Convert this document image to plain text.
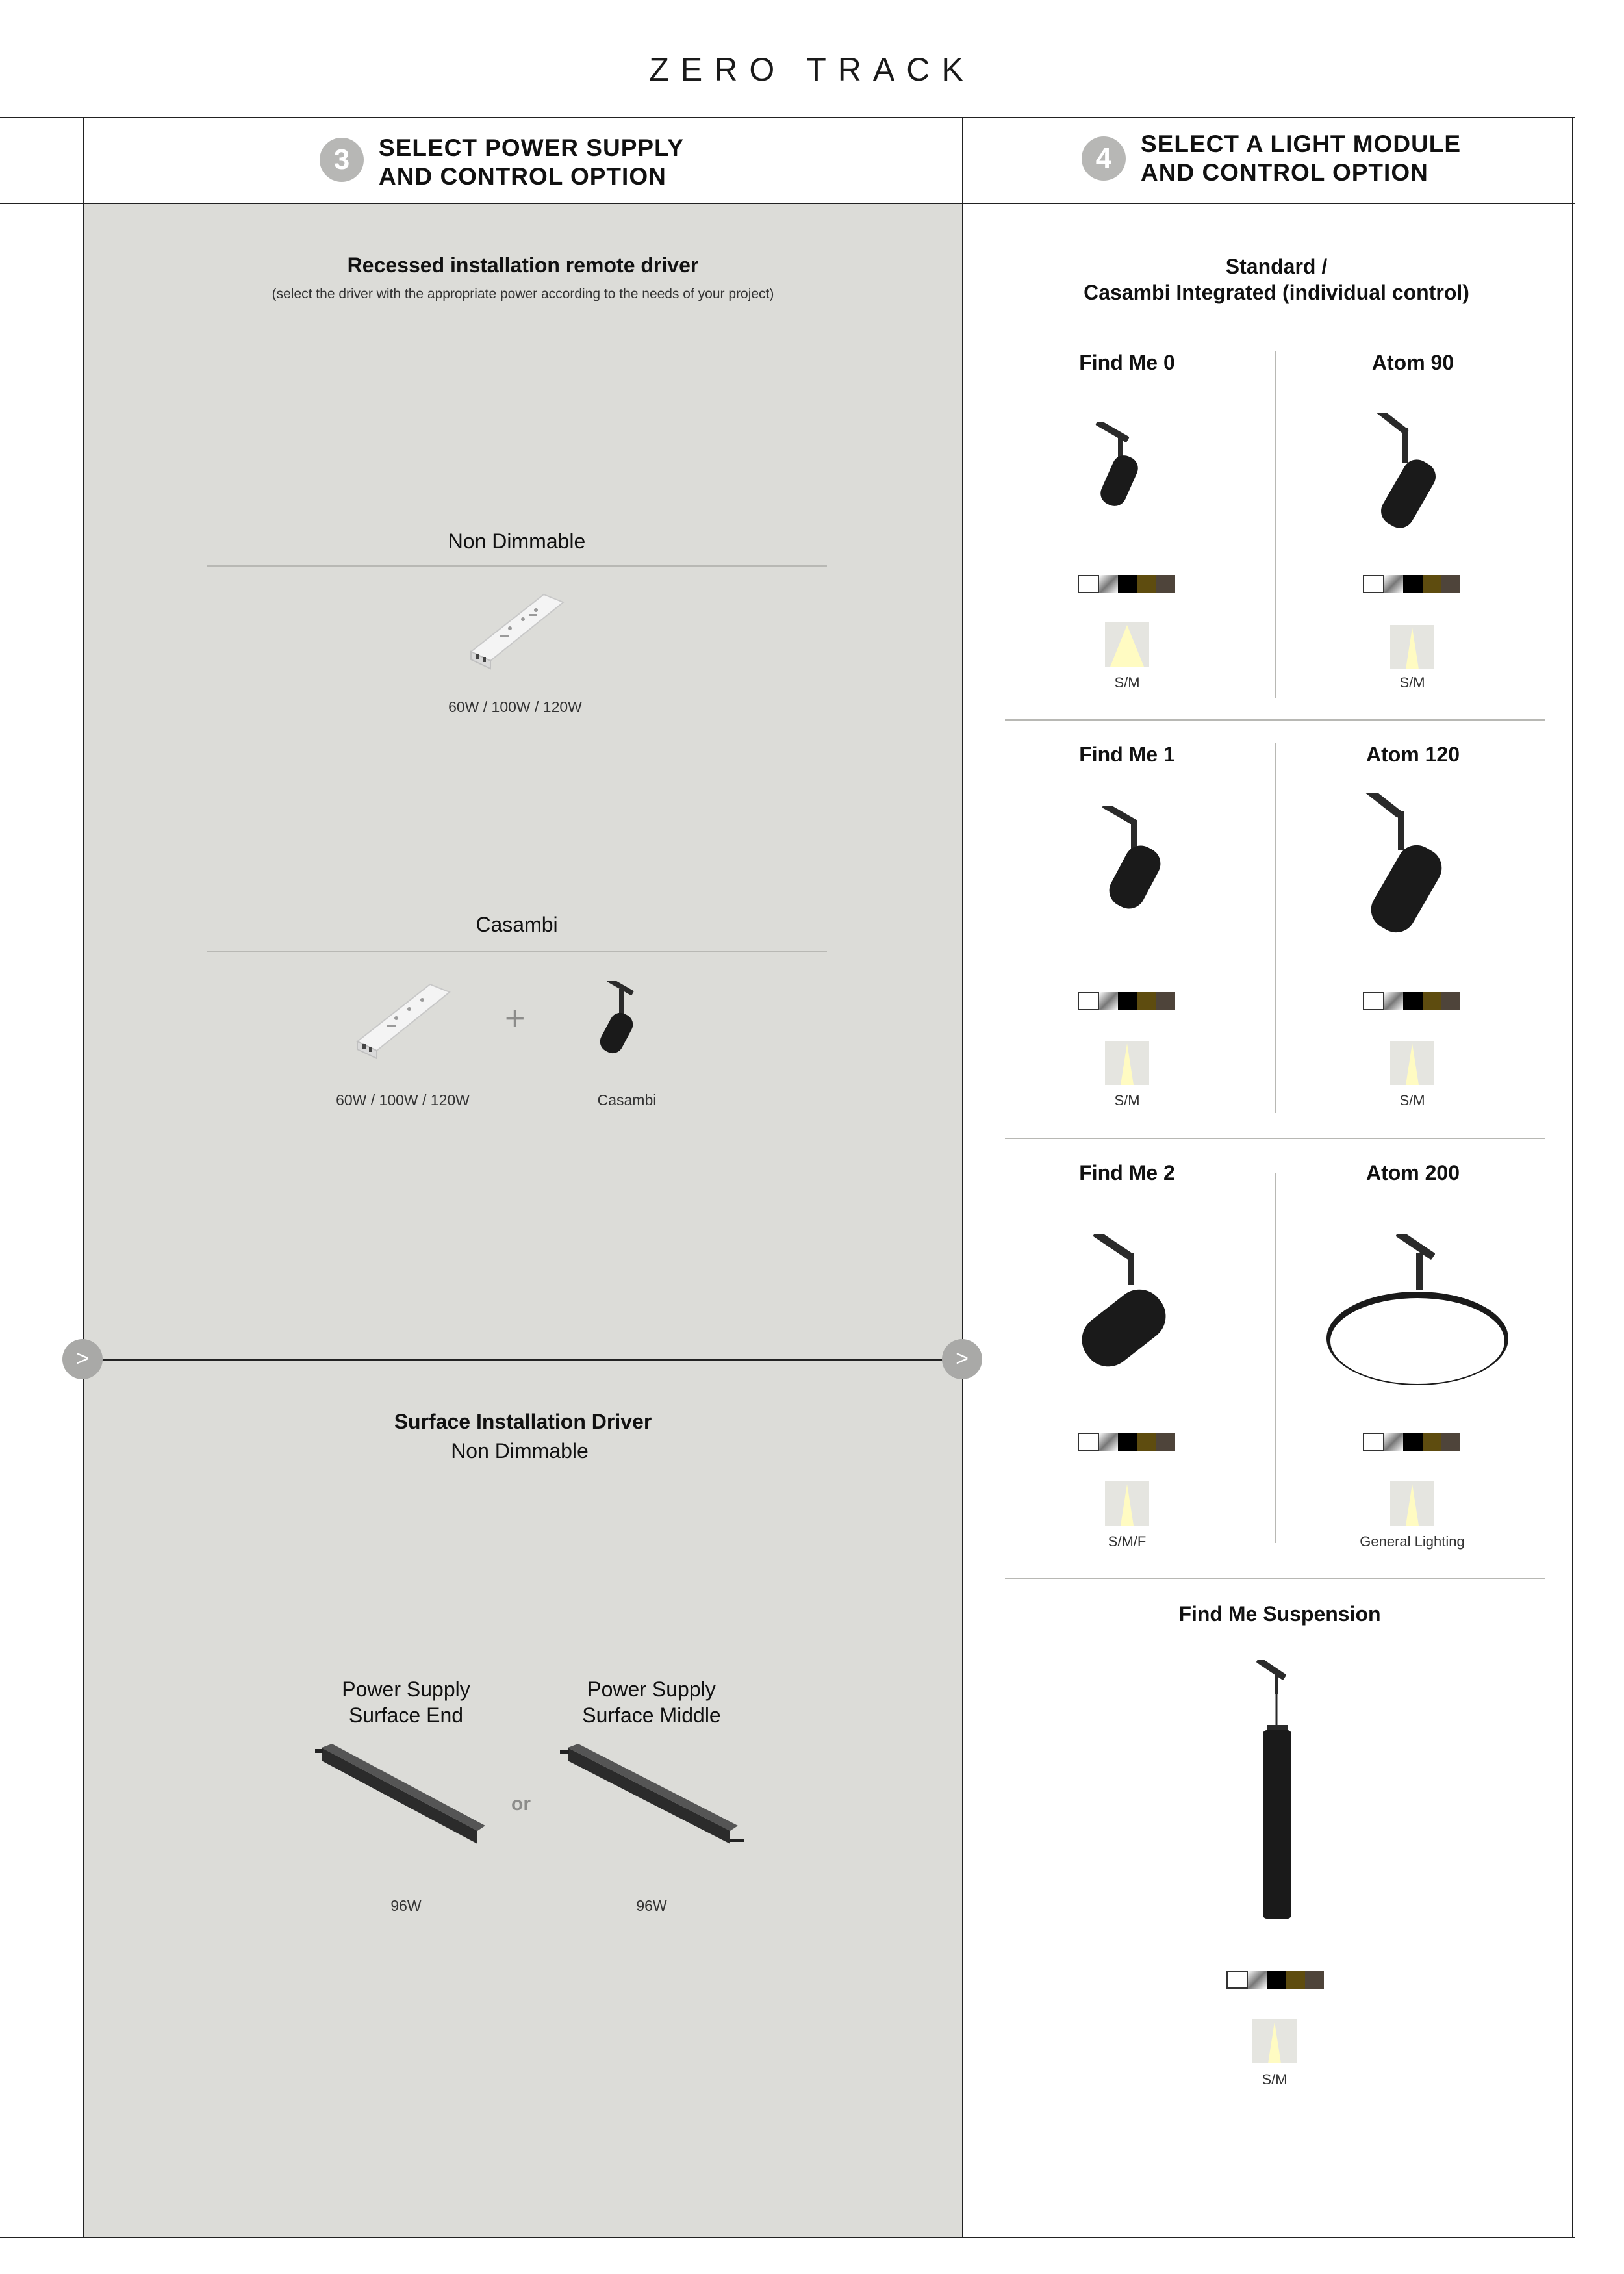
ZERO TRACK
3	SELECT POWER SUPPLY
AND CONTROL OPTION
4	SELECT A LIGHT MODULE
AND CONTROL OPTION
Recessed installation remote driver
(select the driver with the appropriate power according to the needs of your project)
Non Dimmable
60W / 100W / 120W
Casambi
+
60W / 100W / 120W	Casambi
>	>
Surface Installation Driver
Non Dimmable
Power Supply
Surface End
Power Supply
Surface Middle
or
96W	96W
Standard /
Casambi Integrated (individual control)
Find Me 0	Atom 90
S/M	S/M
Find Me 1	Atom 120
S/M	S/M
Find Me 2	Atom 200
S/M/F	General Lighting
Find Me Suspension
S/M
